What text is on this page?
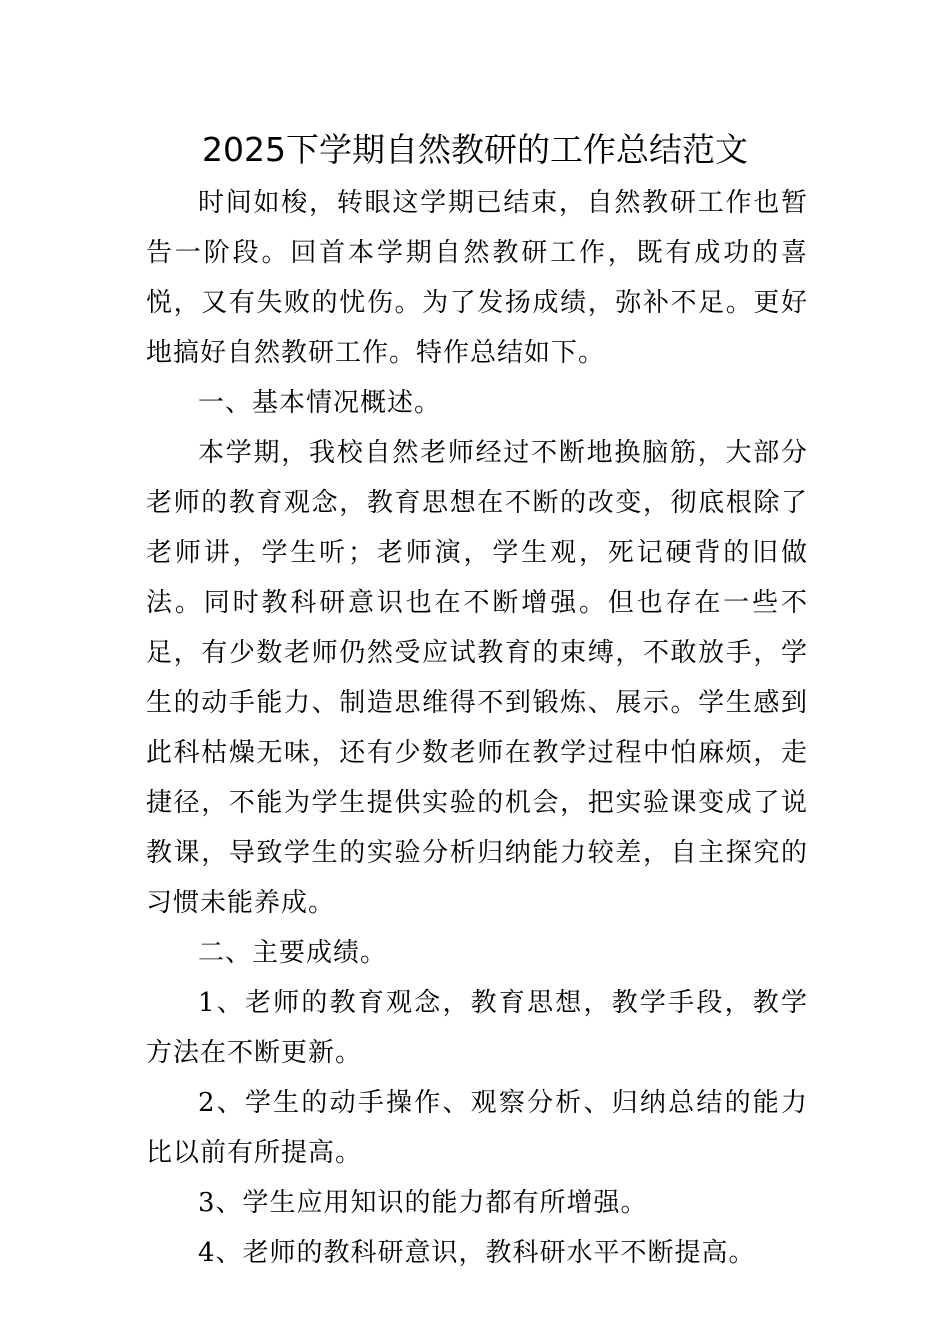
2025下学期自然教研的工作总结范文

时间如梭，转眼这学期已结束，自然教研工作也暂告一阶段。回首本学期自然教研工作，既有成功的喜悦，又有失败的忧伤。为了发扬成绩，弥补不足。更好地搞好自然教研工作。特作总结如下。

一、基本情况概述。

本学期，我校自然老师经过不断地换脑筋，大部分老师的教育观念，教育思想在不断的改变，彻底根除了老师讲，学生听；老师演，学生观，死记硬背的旧做法。同时教科研意识也在不断增强。但也存在一些不足，有少数老师仍然受应试教育的束缚，不敢放手，学生的动手能力、制造思维得不到锻炼、展示。学生感到此科枯燥无味，还有少数老师在教学过程中怕麻烦，走捷径，不能为学生提供实验的机会，把实验课变成了说教课，导致学生的实验分析归纳能力较差，自主探究的习惯未能养成。

二、主要成绩。

1、老师的教育观念，教育思想，教学手段，教学方法在不断更新。

2、学生的动手操作、观察分析、归纳总结的能力比以前有所提高。

3、学生应用知识的能力都有所增强。

4、老师的教科研意识，教科研水平不断提高。
